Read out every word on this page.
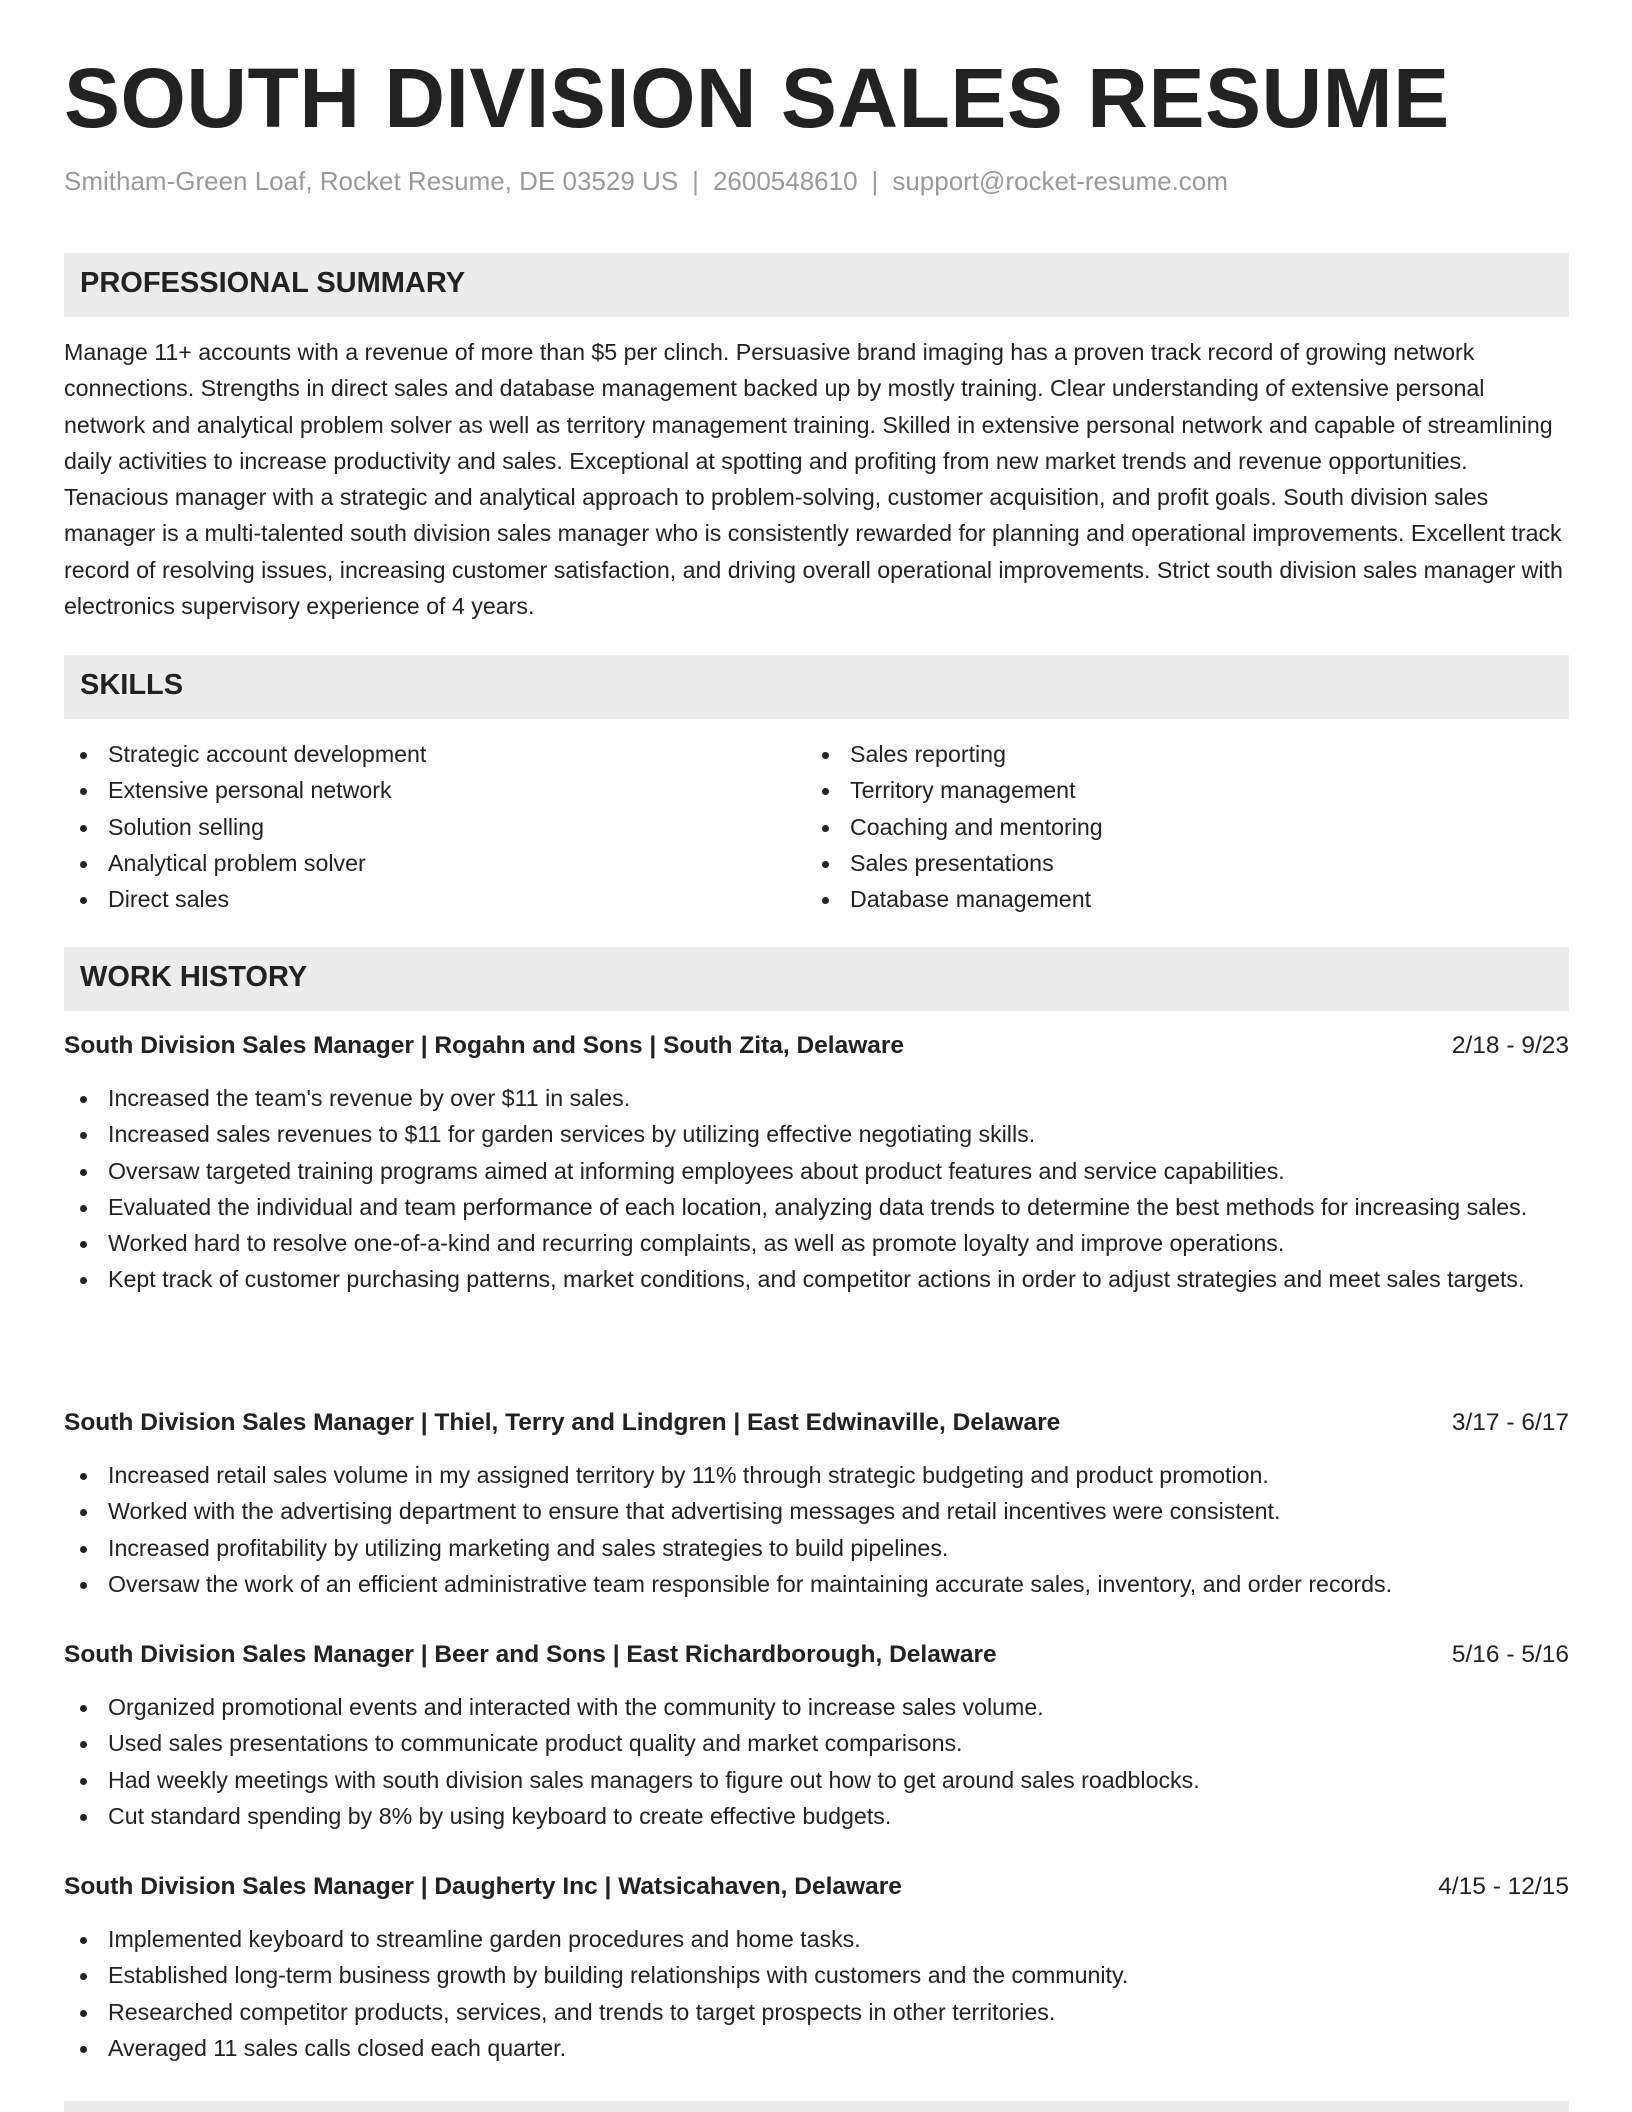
SOUTH DIVISION SALES RESUME
Smitham-Green Loaf, Rocket Resume, DE 03529 US | 2600548610 | support@rocket-resume.com
PROFESSIONAL SUMMARY

Manage 11+ accounts with a revenue of more than $5 per clinch. Persuasive brand imaging has a proven track record of growing network connections. Strengths in direct sales and database management backed up by mostly training. Clear understanding of extensive personal network and analytical problem solver as well as territory management training. Skilled in extensive personal network and capable of streamlining daily activities to increase productivity and sales. Exceptional at spotting and profiting from new market trends and revenue opportunities. Tenacious manager with a strategic and analytical approach to problem-solving, customer acquisition, and profit goals. South division sales manager is a multi-talented south division sales manager who is consistently rewarded for planning and operational improvements. Excellent track record of resolving issues, increasing customer satisfaction, and driving overall operational improvements. Strict south division sales manager with electronics supervisory experience of 4 years.

SKILLS
Strategic account development
Extensive personal network
Solution selling
Analytical problem solver
Direct sales
Sales reporting
Territory management
Coaching and mentoring
Sales presentations
Database management
WORK HISTORY
South Division Sales Manager | Rogahn and Sons | South Zita, Delaware	2/18 - 9/23
Increased the team's revenue by over $11 in sales.
Increased sales revenues to $11 for garden services by utilizing effective negotiating skills.
Oversaw targeted training programs aimed at informing employees about product features and service capabilities.
Evaluated the individual and team performance of each location, analyzing data trends to determine the best methods for increasing sales.
Worked hard to resolve one-of-a-kind and recurring complaints, as well as promote loyalty and improve operations.
Kept track of customer purchasing patterns, market conditions, and competitor actions in order to adjust strategies and meet sales targets.
South Division Sales Manager | Thiel, Terry and Lindgren | East Edwinaville, Delaware	3/17 - 6/17
Increased retail sales volume in my assigned territory by 11% through strategic budgeting and product promotion.
Worked with the advertising department to ensure that advertising messages and retail incentives were consistent.
Increased profitability by utilizing marketing and sales strategies to build pipelines.
Oversaw the work of an efficient administrative team responsible for maintaining accurate sales, inventory, and order records.
South Division Sales Manager | Beer and Sons | East Richardborough, Delaware	5/16 - 5/16
Organized promotional events and interacted with the community to increase sales volume.
Used sales presentations to communicate product quality and market comparisons.
Had weekly meetings with south division sales managers to figure out how to get around sales roadblocks.
Cut standard spending by 8% by using keyboard to create effective budgets.
South Division Sales Manager | Daugherty Inc | Watsicahaven, Delaware	4/15 - 12/15
Implemented keyboard to streamline garden procedures and home tasks.
Established long-term business growth by building relationships with customers and the community.
Researched competitor products, services, and trends to target prospects in other territories.
Averaged 11 sales calls closed each quarter.
